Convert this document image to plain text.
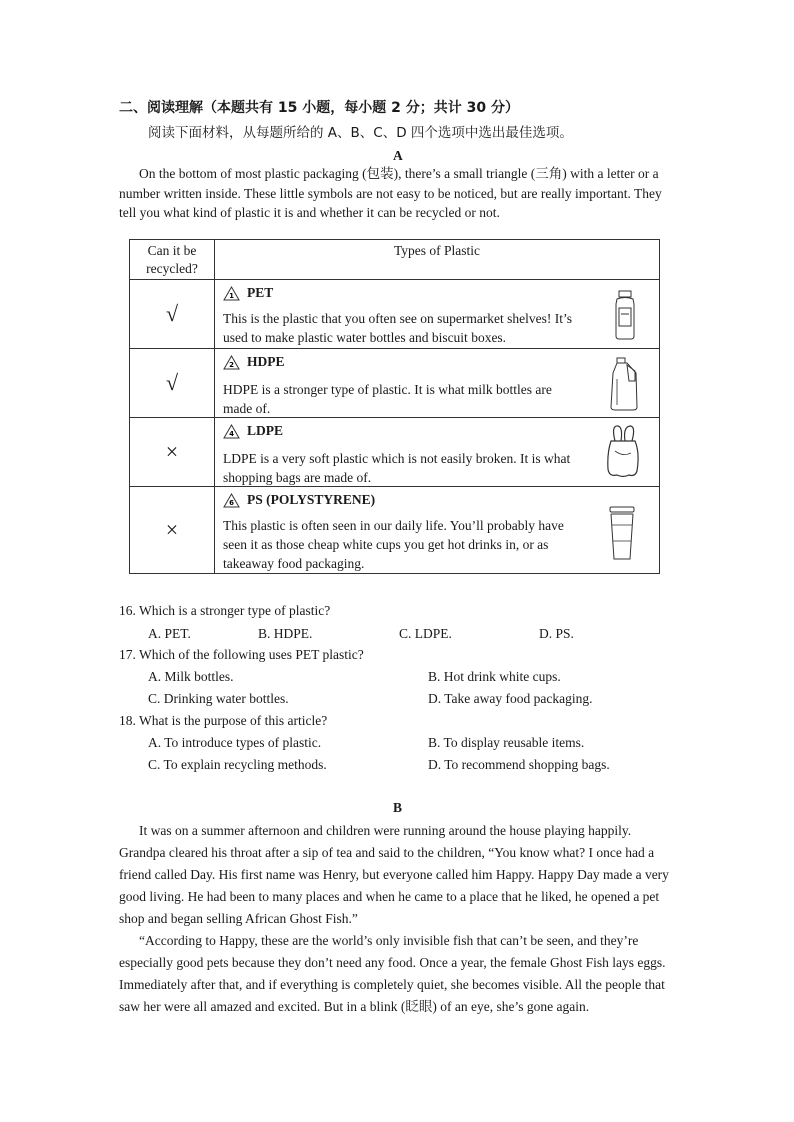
二、阅读理解（本题共有 15 小题，每小题 2 分；共计 30 分）
阅读下面材料，从每题所给的 A、B、C、D 四个选项中选出最佳选项。
A
On the bottom of most plastic packaging (包装), there’s a small triangle (三角) with a letter or a number written inside. These little symbols are not easy to be noticed, but are really important. They tell you what kind of plastic it is and whether it can be recycled or not.
Can it be recycled?	Types of Plastic
√	1 PET
This is the plastic that you often see on supermarket shelves! It’s used to make plastic water bottles and biscuit boxes.

√	2 HDPE
HDPE is a stronger type of plastic. It is what milk bottles are made of.

×	4 LDPE
LDPE is a very soft plastic which is not easily broken. It is what shopping bags are made of.

×	6 PS (POLYSTYRENE)
This plastic is often seen in our daily life. You’ll probably have seen it as those cheap white cups you get hot drinks in, or as takeaway food packaging.
16. Which is a stronger type of plastic?
A. PET.	B. HDPE.	C. LDPE.	D. PS.
17. Which of the following uses PET plastic?
A. Milk bottles.	B. Hot drink white cups.
C. Drinking water bottles.	D. Take away food packaging.
18. What is the purpose of this article?
A. To introduce types of plastic.	B. To display reusable items.
C. To explain recycling methods.	D. To recommend shopping bags.
B
It was on a summer afternoon and children were running around the house playing happily. Grandpa cleared his throat after a sip of tea and said to the children, “You know what? I once had a friend called Day. His first name was Henry, but everyone called him Happy. Happy Day made a very good living. He had been to many places and when he came to a place that he liked, he opened a pet shop and began selling African Ghost Fish.”
“According to Happy, these are the world’s only invisible fish that can’t be seen, and they’re especially good pets because they don’t need any food. Once a year, the female Ghost Fish lays eggs. Immediately after that, and if everything is completely quiet, she becomes visible. All the people that saw her were all amazed and excited. But in a blink (眨眼) of an eye, she’s gone again.
